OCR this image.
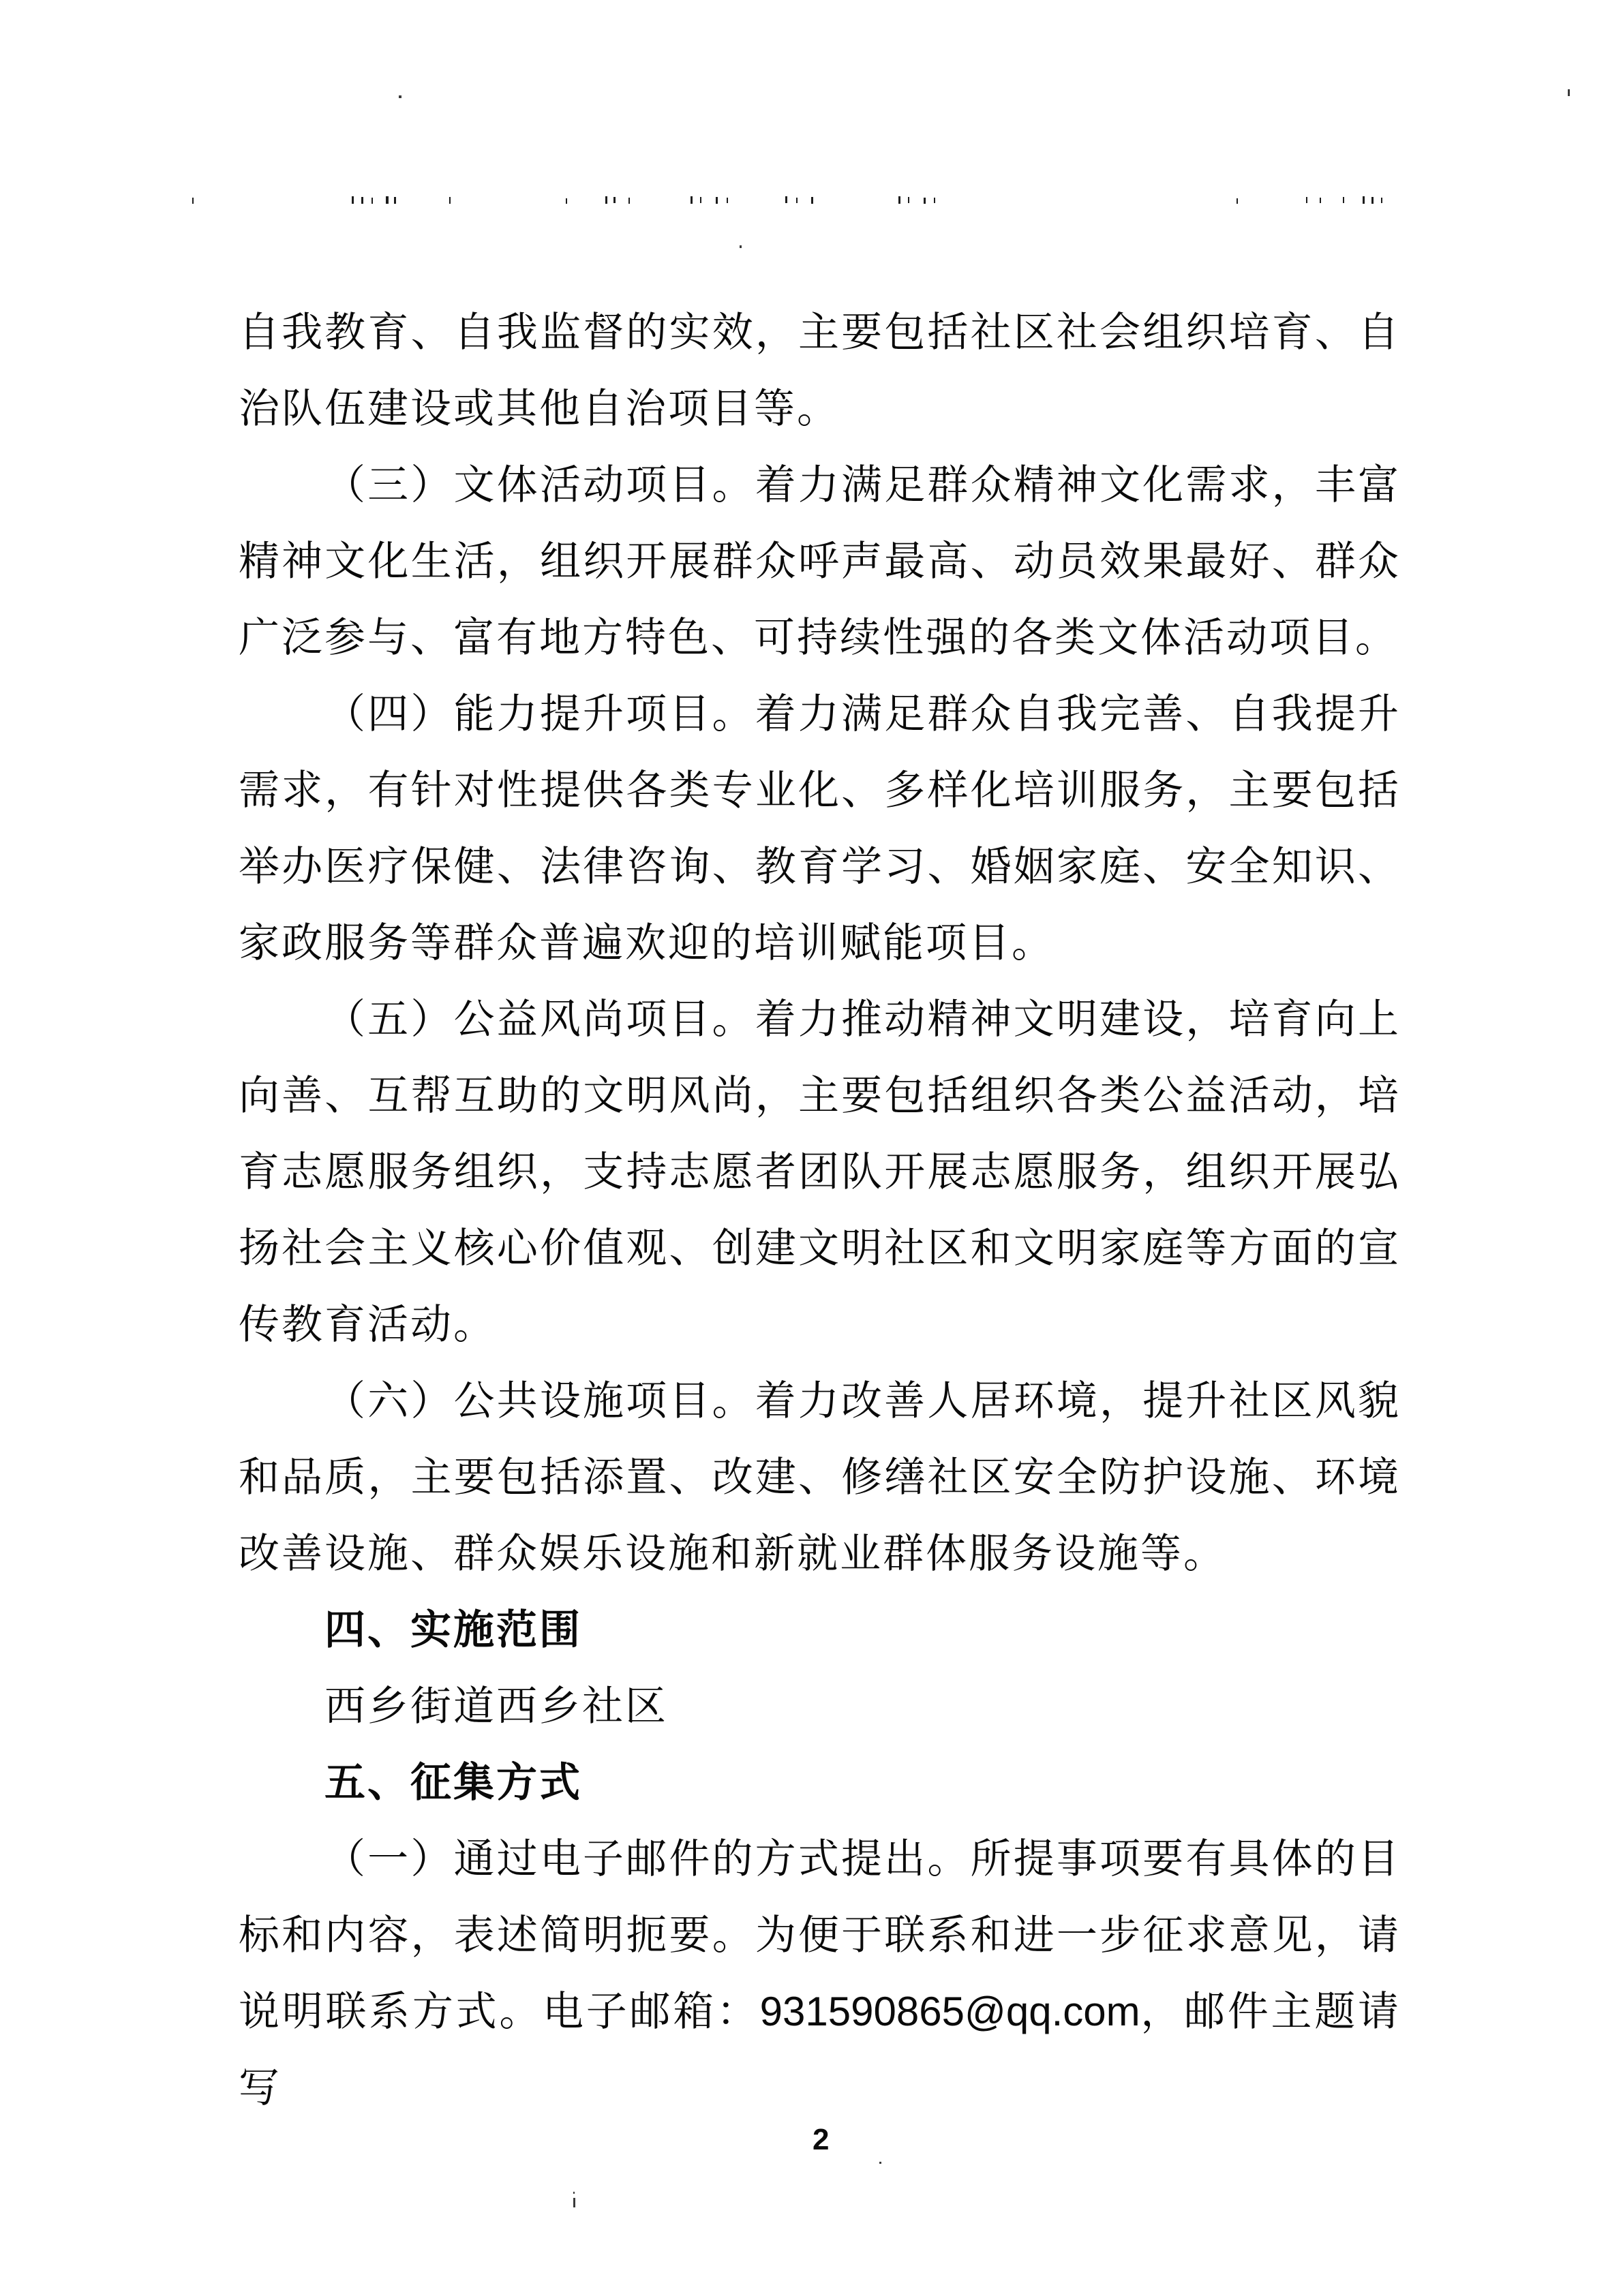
自我教育、自我监督的实效，主要包括社区社会组织培育、自治队伍建设或其他自治项目等。

（三）文体活动项目。着力满足群众精神文化需求，丰富精神文化生活，组织开展群众呼声最高、动员效果最好、群众广泛参与、富有地方特色、可持续性强的各类文体活动项目。

（四）能力提升项目。着力满足群众自我完善、自我提升需求，有针对性提供各类专业化、多样化培训服务，主要包括举办医疗保健、法律咨询、教育学习、婚姻家庭、安全知识、家政服务等群众普遍欢迎的培训赋能项目。

（五）公益风尚项目。着力推动精神文明建设，培育向上向善、互帮互助的文明风尚，主要包括组织各类公益活动，培育志愿服务组织，支持志愿者团队开展志愿服务，组织开展弘扬社会主义核心价值观、创建文明社区和文明家庭等方面的宣传教育活动。

（六）公共设施项目。着力改善人居环境，提升社区风貌和品质，主要包括添置、改建、修缮社区安全防护设施、环境改善设施、群众娱乐设施和新就业群体服务设施等。

四、实施范围

西乡街道西乡社区

五、征集方式

（一）通过电子邮件的方式提出。所提事项要有具体的目标和内容，表述简明扼要。为便于联系和进一步征求意见，请说明联系方式。电子邮箱：931590865@qq.com，邮件主题请写

2
